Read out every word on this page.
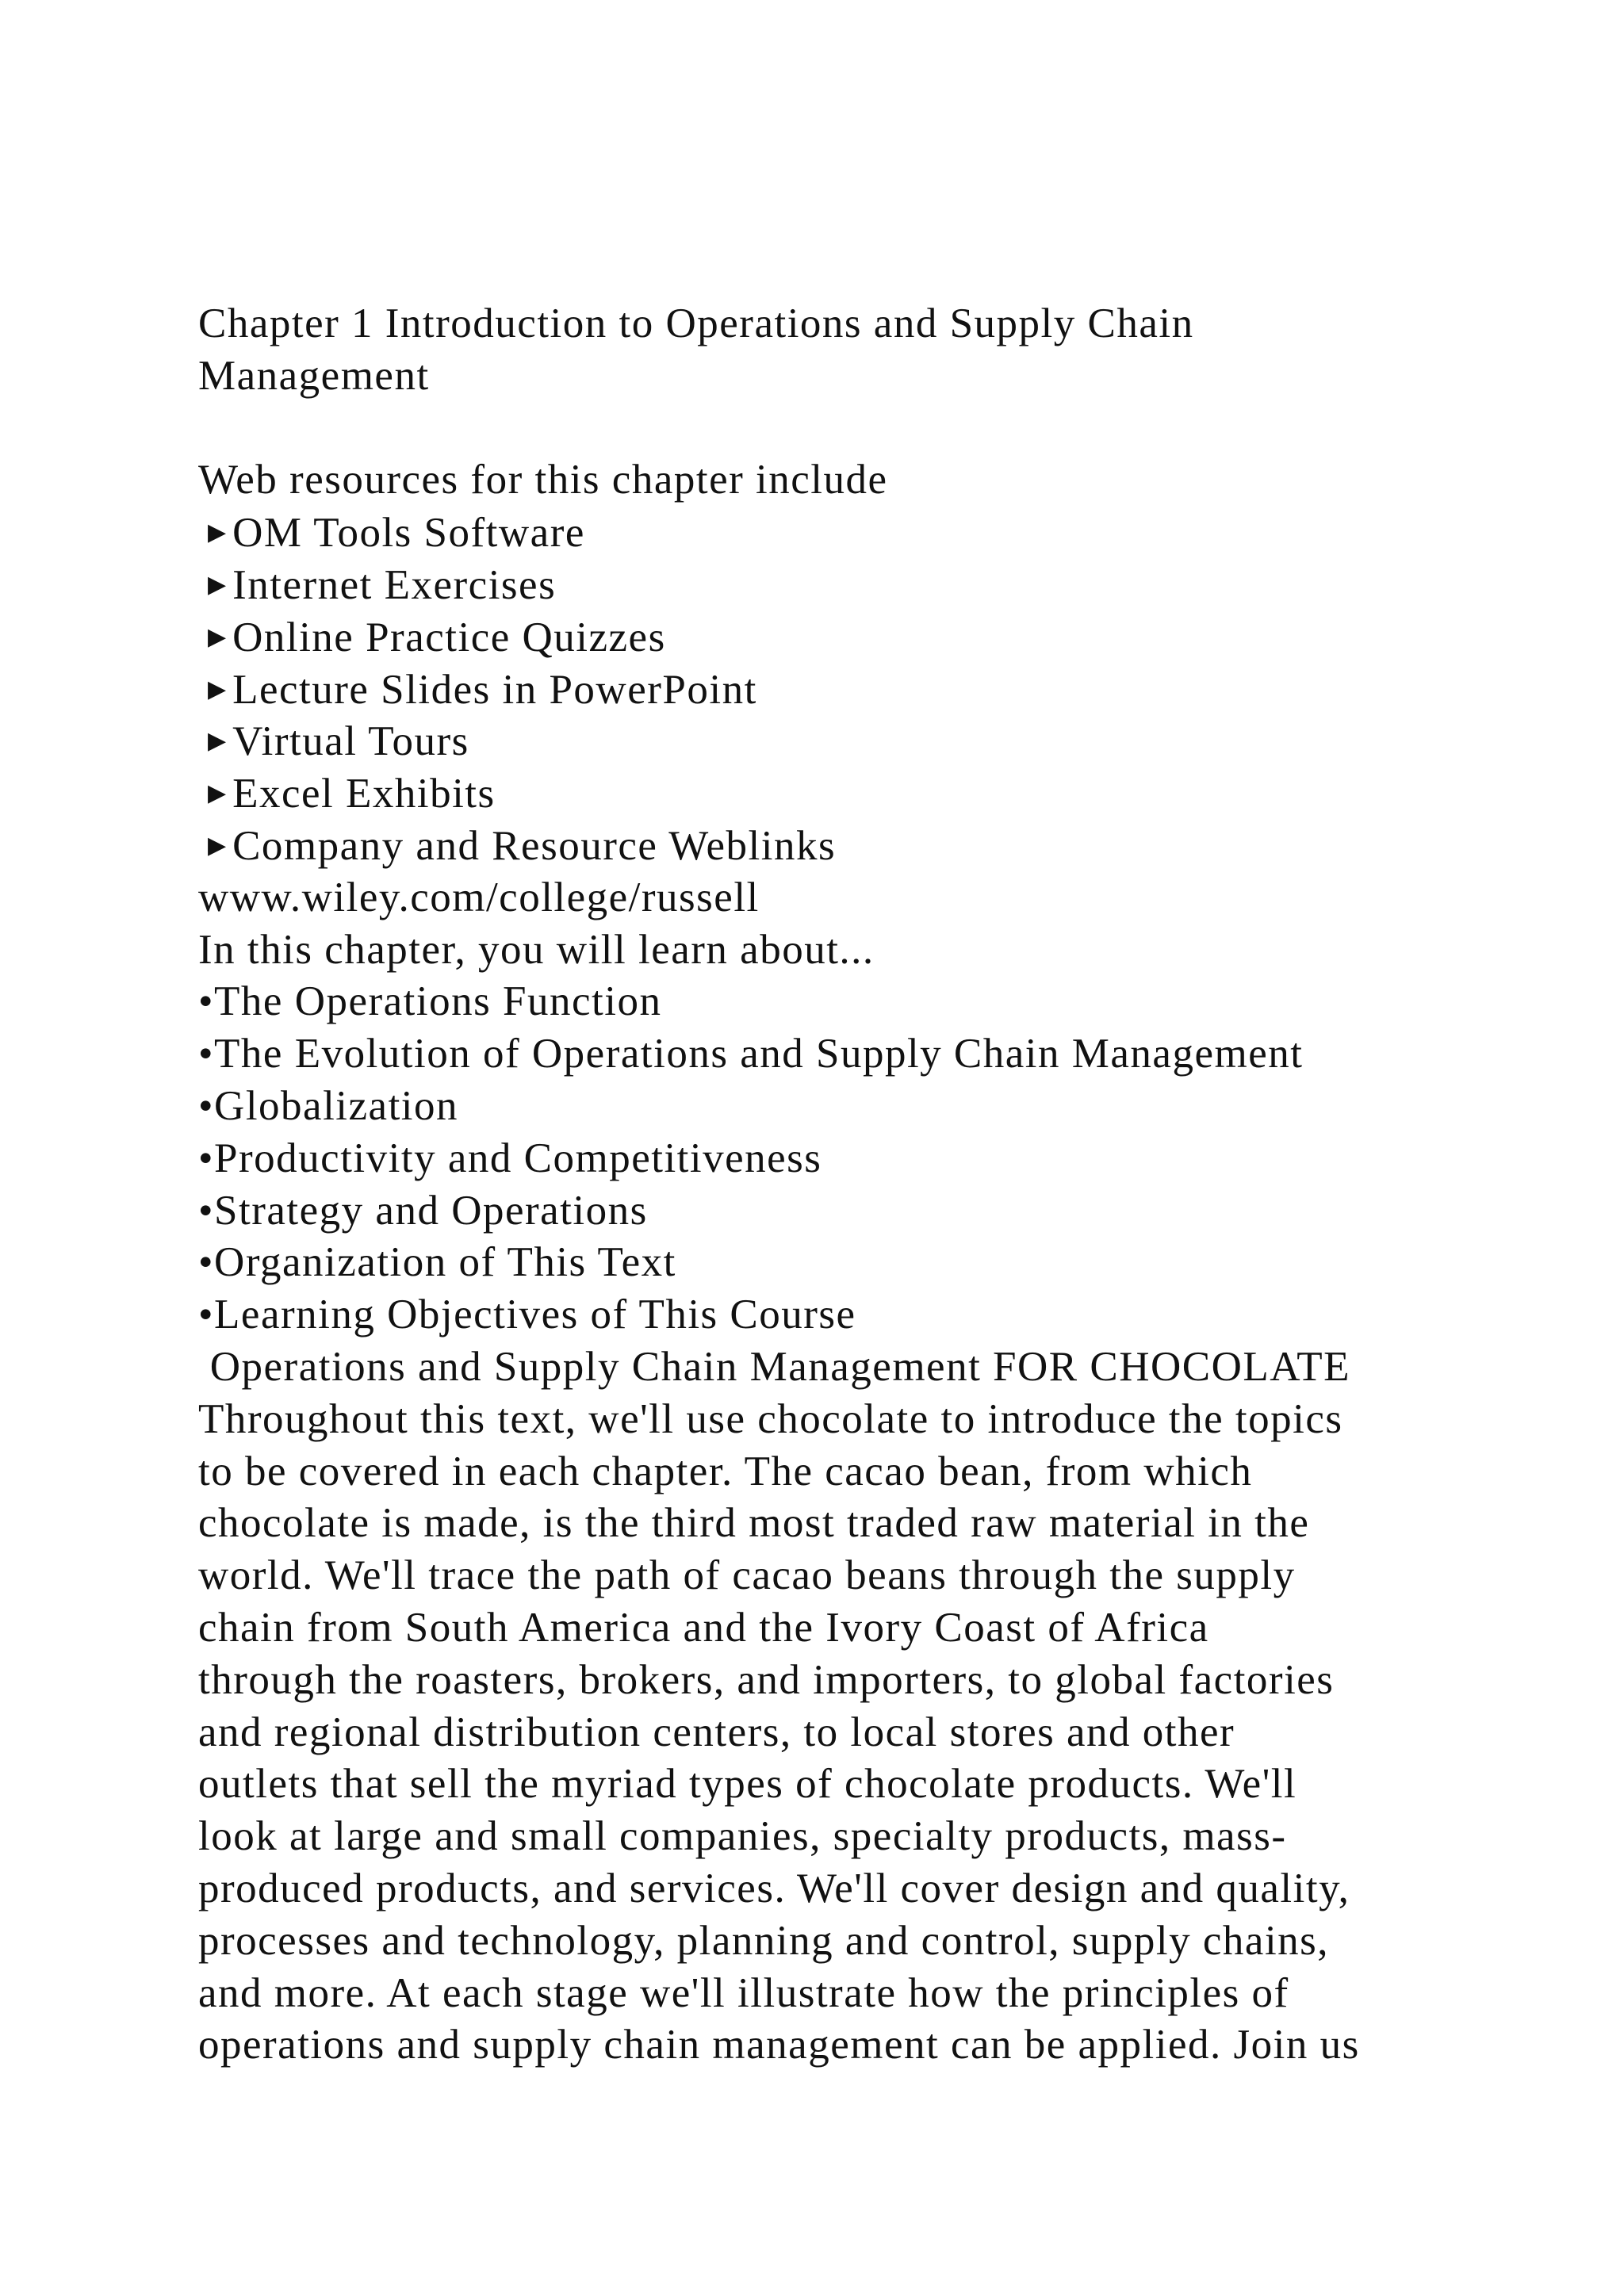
Chapter 1 Introduction to Operations and Supply Chain
Management
Web resources for this chapter include
▶ OM Tools Software
▶ Internet Exercises
▶ Online Practice Quizzes
▶ Lecture Slides in PowerPoint
▶ Virtual Tours
▶ Excel Exhibits
▶ Company and Resource Weblinks
www.wiley.com/college/russell
In this chapter, you will learn about...
•The Operations Function
•The Evolution of Operations and Supply Chain Management
•Globalization
•Productivity and Competitiveness
•Strategy and Operations
•Organization of This Text
•Learning Objectives of This Course
Operations and Supply Chain Management FOR CHOCOLATE
Throughout this text, we'll use chocolate to introduce the topics
to be covered in each chapter. The cacao bean, from which
chocolate is made, is the third most traded raw material in the
world. We'll trace the path of cacao beans through the supply
chain from South America and the Ivory Coast of Africa
through the roasters, brokers, and importers, to global factories
and regional distribution centers, to local stores and other
outlets that sell the myriad types of chocolate products. We'll
look at large and small companies, specialty products, mass-
produced products, and services. We'll cover design and quality,
processes and technology, planning and control, supply chains,
and more. At each stage we'll illustrate how the principles of
operations and supply chain management can be applied. Join us
